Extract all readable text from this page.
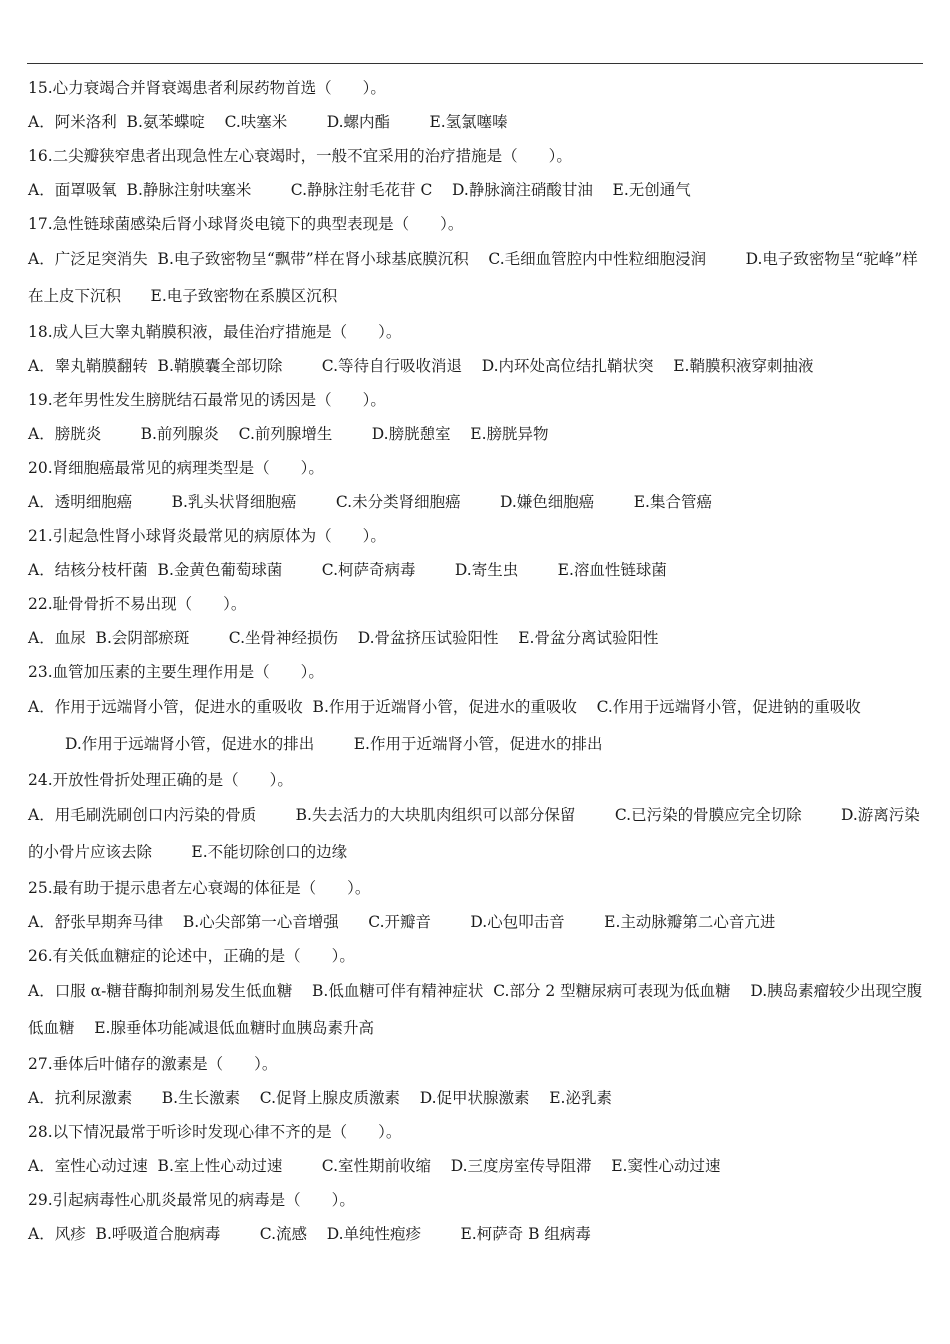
15.心力衰竭合并肾衰竭患者利尿药物首选（　　）。
A．阿米洛利  B.氨苯蝶啶    C.呋塞米        D.螺内酯        E.氢氯噻嗪
16.二尖瓣狭窄患者出现急性左心衰竭时，一般不宜采用的治疗措施是（　　）。
A．面罩吸氧  B.静脉注射呋塞米        C.静脉注射毛花苷 C    D.静脉滴注硝酸甘油    E.无创通气
17.急性链球菌感染后肾小球肾炎电镜下的典型表现是（　　）。
A．广泛足突消失  B.电子致密物呈“飘带”样在肾小球基底膜沉积    C.毛细血管腔内中性粒细胞浸润        D.电子致密物呈“驼峰”样在上皮下沉积      E.电子致密物在系膜区沉积
18.成人巨大睾丸鞘膜积液，最佳治疗措施是（　　）。
A．睾丸鞘膜翻转  B.鞘膜囊全部切除        C.等待自行吸收消退    D.内环处高位结扎鞘状突    E.鞘膜积液穿刺抽液
19.老年男性发生膀胱结石最常见的诱因是（　　）。
A．膀胱炎        B.前列腺炎    C.前列腺增生        D.膀胱憩室    E.膀胱异物
20.肾细胞癌最常见的病理类型是（　　）。
A．透明细胞癌        B.乳头状肾细胞癌        C.未分类肾细胞癌        D.嫌色细胞癌        E.集合管癌
21.引起急性肾小球肾炎最常见的病原体为（　　）。
A．结核分枝杆菌  B.金黄色葡萄球菌        C.柯萨奇病毒        D.寄生虫        E.溶血性链球菌
22.耻骨骨折不易出现（　　）。
A．血尿  B.会阴部瘀斑        C.坐骨神经损伤    D.骨盆挤压试验阳性    E.骨盆分离试验阳性
23.血管加压素的主要生理作用是（　　）。
A．作用于远端肾小管，促进水的重吸收  B.作用于近端肾小管，促进水的重吸收    C.作用于远端肾小管，促进钠的重吸收
D.作用于远端肾小管，促进水的排出        E.作用于近端肾小管，促进水的排出
24.开放性骨折处理正确的是（　　）。
A．用毛刷洗刷创口内污染的骨质        B.失去活力的大块肌肉组织可以部分保留        C.已污染的骨膜应完全切除        D.游离污染的小骨片应该去除        E.不能切除创口的边缘
25.最有助于提示患者左心衰竭的体征是（　　）。
A．舒张早期奔马律    B.心尖部第一心音增强      C.开瓣音        D.心包叩击音        E.主动脉瓣第二心音亢进
26.有关低血糖症的论述中，正确的是（　　）。
A．口服 α-糖苷酶抑制剂易发生低血糖    B.低血糖可伴有精神症状  C.部分 2 型糖尿病可表现为低血糖    D.胰岛素瘤较少出现空腹低血糖    E.腺垂体功能减退低血糖时血胰岛素升高
27.垂体后叶储存的激素是（　　）。
A．抗利尿激素      B.生长激素    C.促肾上腺皮质激素    D.促甲状腺激素    E.泌乳素
28.以下情况最常于听诊时发现心律不齐的是（　　）。
A．室性心动过速  B.室上性心动过速        C.室性期前收缩    D.三度房室传导阻滞    E.窦性心动过速
29.引起病毒性心肌炎最常见的病毒是（　　）。
A．风疹  B.呼吸道合胞病毒        C.流感    D.单纯性疱疹        E.柯萨奇 B 组病毒
